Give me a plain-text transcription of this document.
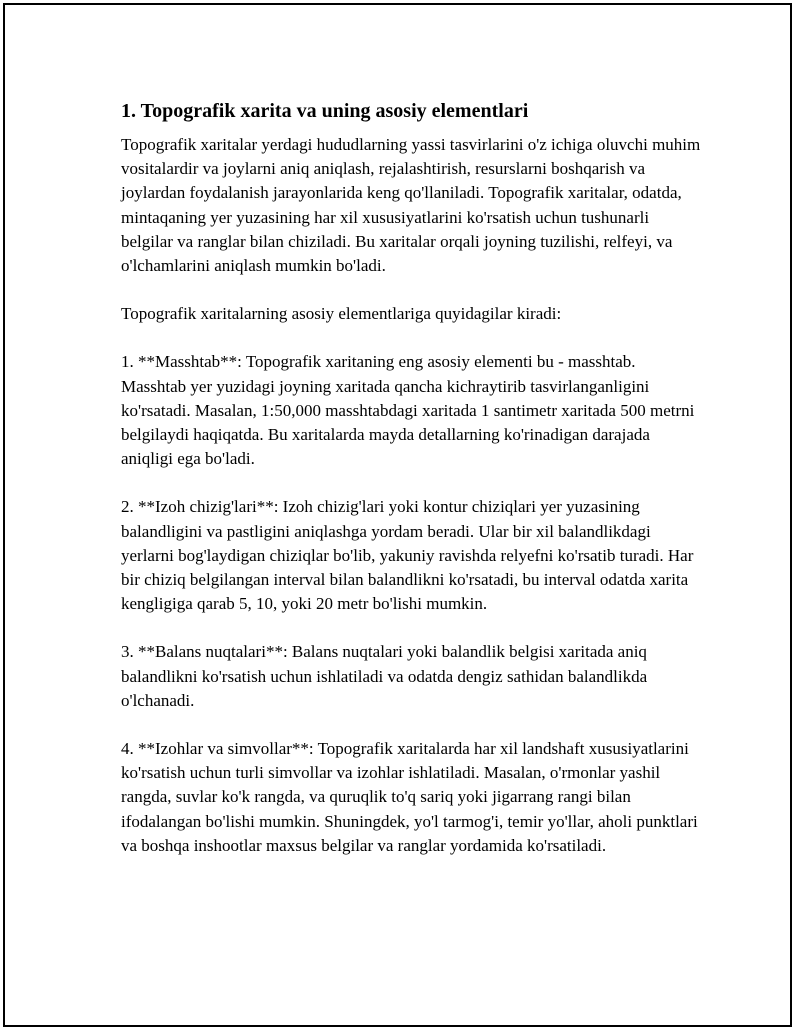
1. Topografik xarita va uning asosiy elementlari

Topografik xaritalar yerdagi hududlarning yassi tasvirlarini o'z ichiga oluvchi muhim vositalardir va joylarni aniq aniqlash, rejalashtirish, resurslarni boshqarish va joylardan foydalanish jarayonlarida keng qo'llaniladi. Topografik xaritalar, odatda, mintaqaning yer yuzasining har xil xususiyatlarini ko'rsatish uchun tushunarli belgilar va ranglar bilan chiziladi. Bu xaritalar orqali joyning tuzilishi, relfeyi, va o'lchamlarini aniqlash mumkin bo'ladi.

Topografik xaritalarning asosiy elementlariga quyidagilar kiradi:

1. **Masshtab**: Topografik xaritaning eng asosiy elementi bu - masshtab. Masshtab yer yuzidagi joyning xaritada qancha kichraytirib tasvirlanganligini ko'rsatadi. Masalan, 1:50,000 masshtabdagi xaritada 1 santimetr xaritada 500 metrni belgilaydi haqiqatda. Bu xaritalarda mayda detallarning ko'rinadigan darajada aniqligi ega bo'ladi.

2. **Izoh chizig'lari**: Izoh chizig'lari yoki kontur chiziqlari yer yuzasining balandligini va pastligini aniqlashga yordam beradi. Ular bir xil balandlikdagi yerlarni bog'laydigan chiziqlar bo'lib, yakuniy ravishda relyefni ko'rsatib turadi. Har bir chiziq belgilangan interval bilan balandlikni ko'rsatadi, bu interval odatda xarita kengligiga qarab 5, 10, yoki 20 metr bo'lishi mumkin.

3. **Balans nuqtalari**: Balans nuqtalari yoki balandlik belgisi xaritada aniq balandlikni ko'rsatish uchun ishlatiladi va odatda dengiz sathidan balandlikda o'lchanadi.

4. **Izohlar va simvollar**: Topografik xaritalarda har xil landshaft xususiyatlarini ko'rsatish uchun turli simvollar va izohlar ishlatiladi. Masalan, o'rmonlar yashil rangda, suvlar ko'k rangda, va quruqlik to'q sariq yoki jigarrang rangi bilan ifodalangan bo'lishi mumkin. Shuningdek, yo'l tarmog'i, temir yo'llar, aholi punktlari va boshqa inshootlar maxsus belgilar va ranglar yordamida ko'rsatiladi.
